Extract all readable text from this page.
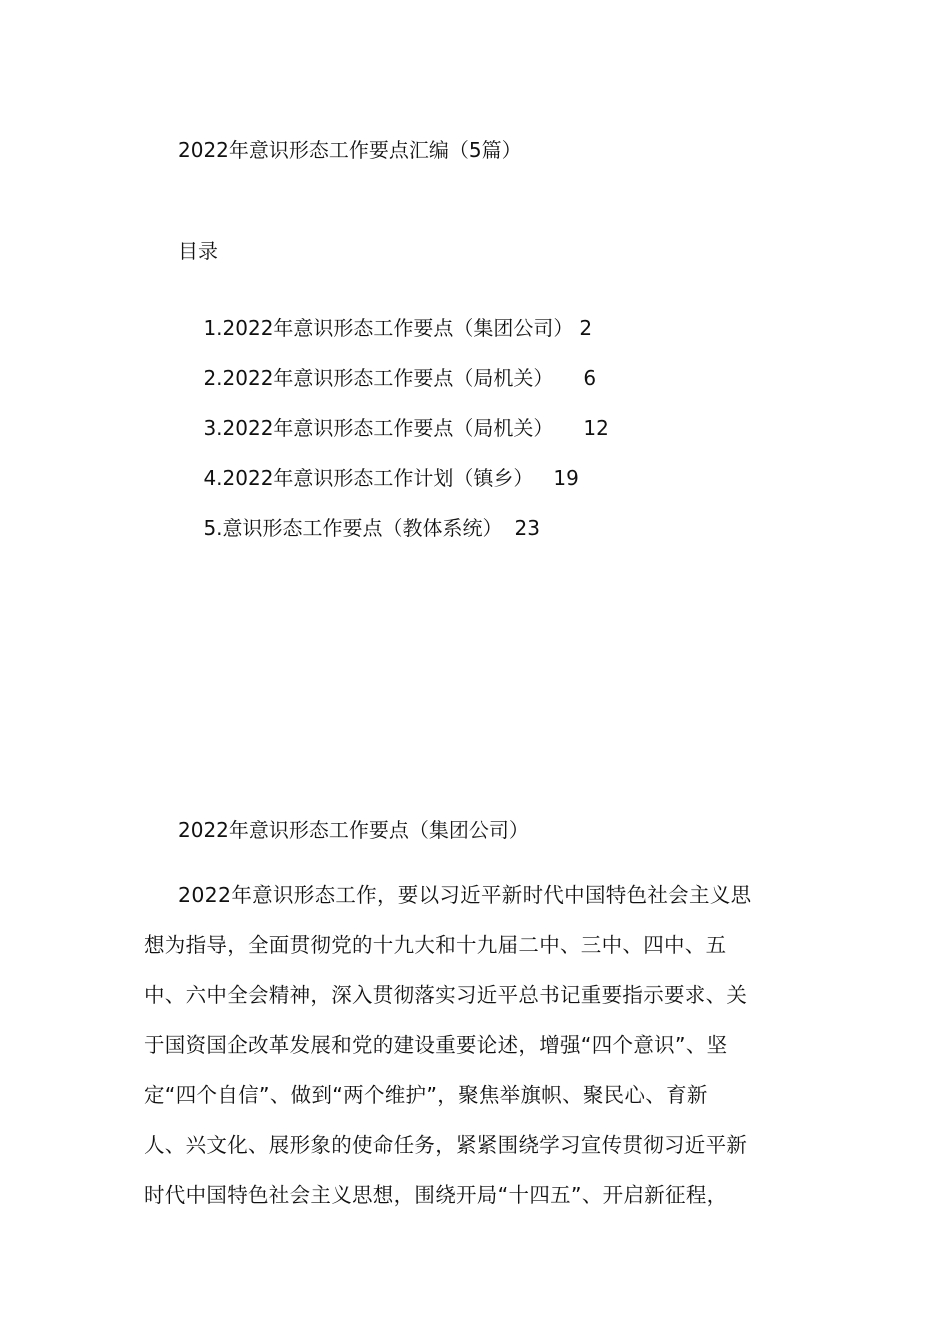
2022年意识形态工作要点汇编（5篇）
目录

1.2022年意识形态工作要点（集团公司） 2

2.2022年意识形态工作要点（局机关） 6

3.2022年意识形态工作要点（局机关） 12

4.2022年意识形态工作计划（镇乡） 19

5.意识形态工作要点（教体系统） 23

2022年意识形态工作要点（集团公司）
2022年意识形态工作，要以习近平新时代中国特色社会主义思
想为指导，全面贯彻党的十九大和十九届二中、三中、四中、五
中、六中全会精神，深入贯彻落实习近平总书记重要指示要求、关
于国资国企改革发展和党的建设重要论述，增强“四个意识”、坚
定“四个自信”、做到“两个维护”，聚焦举旗帜、聚民心、育新
人、兴文化、展形象的使命任务，紧紧围绕学习宣传贯彻习近平新
时代中国特色社会主义思想，围绕开局“十四五”、开启新征程，
